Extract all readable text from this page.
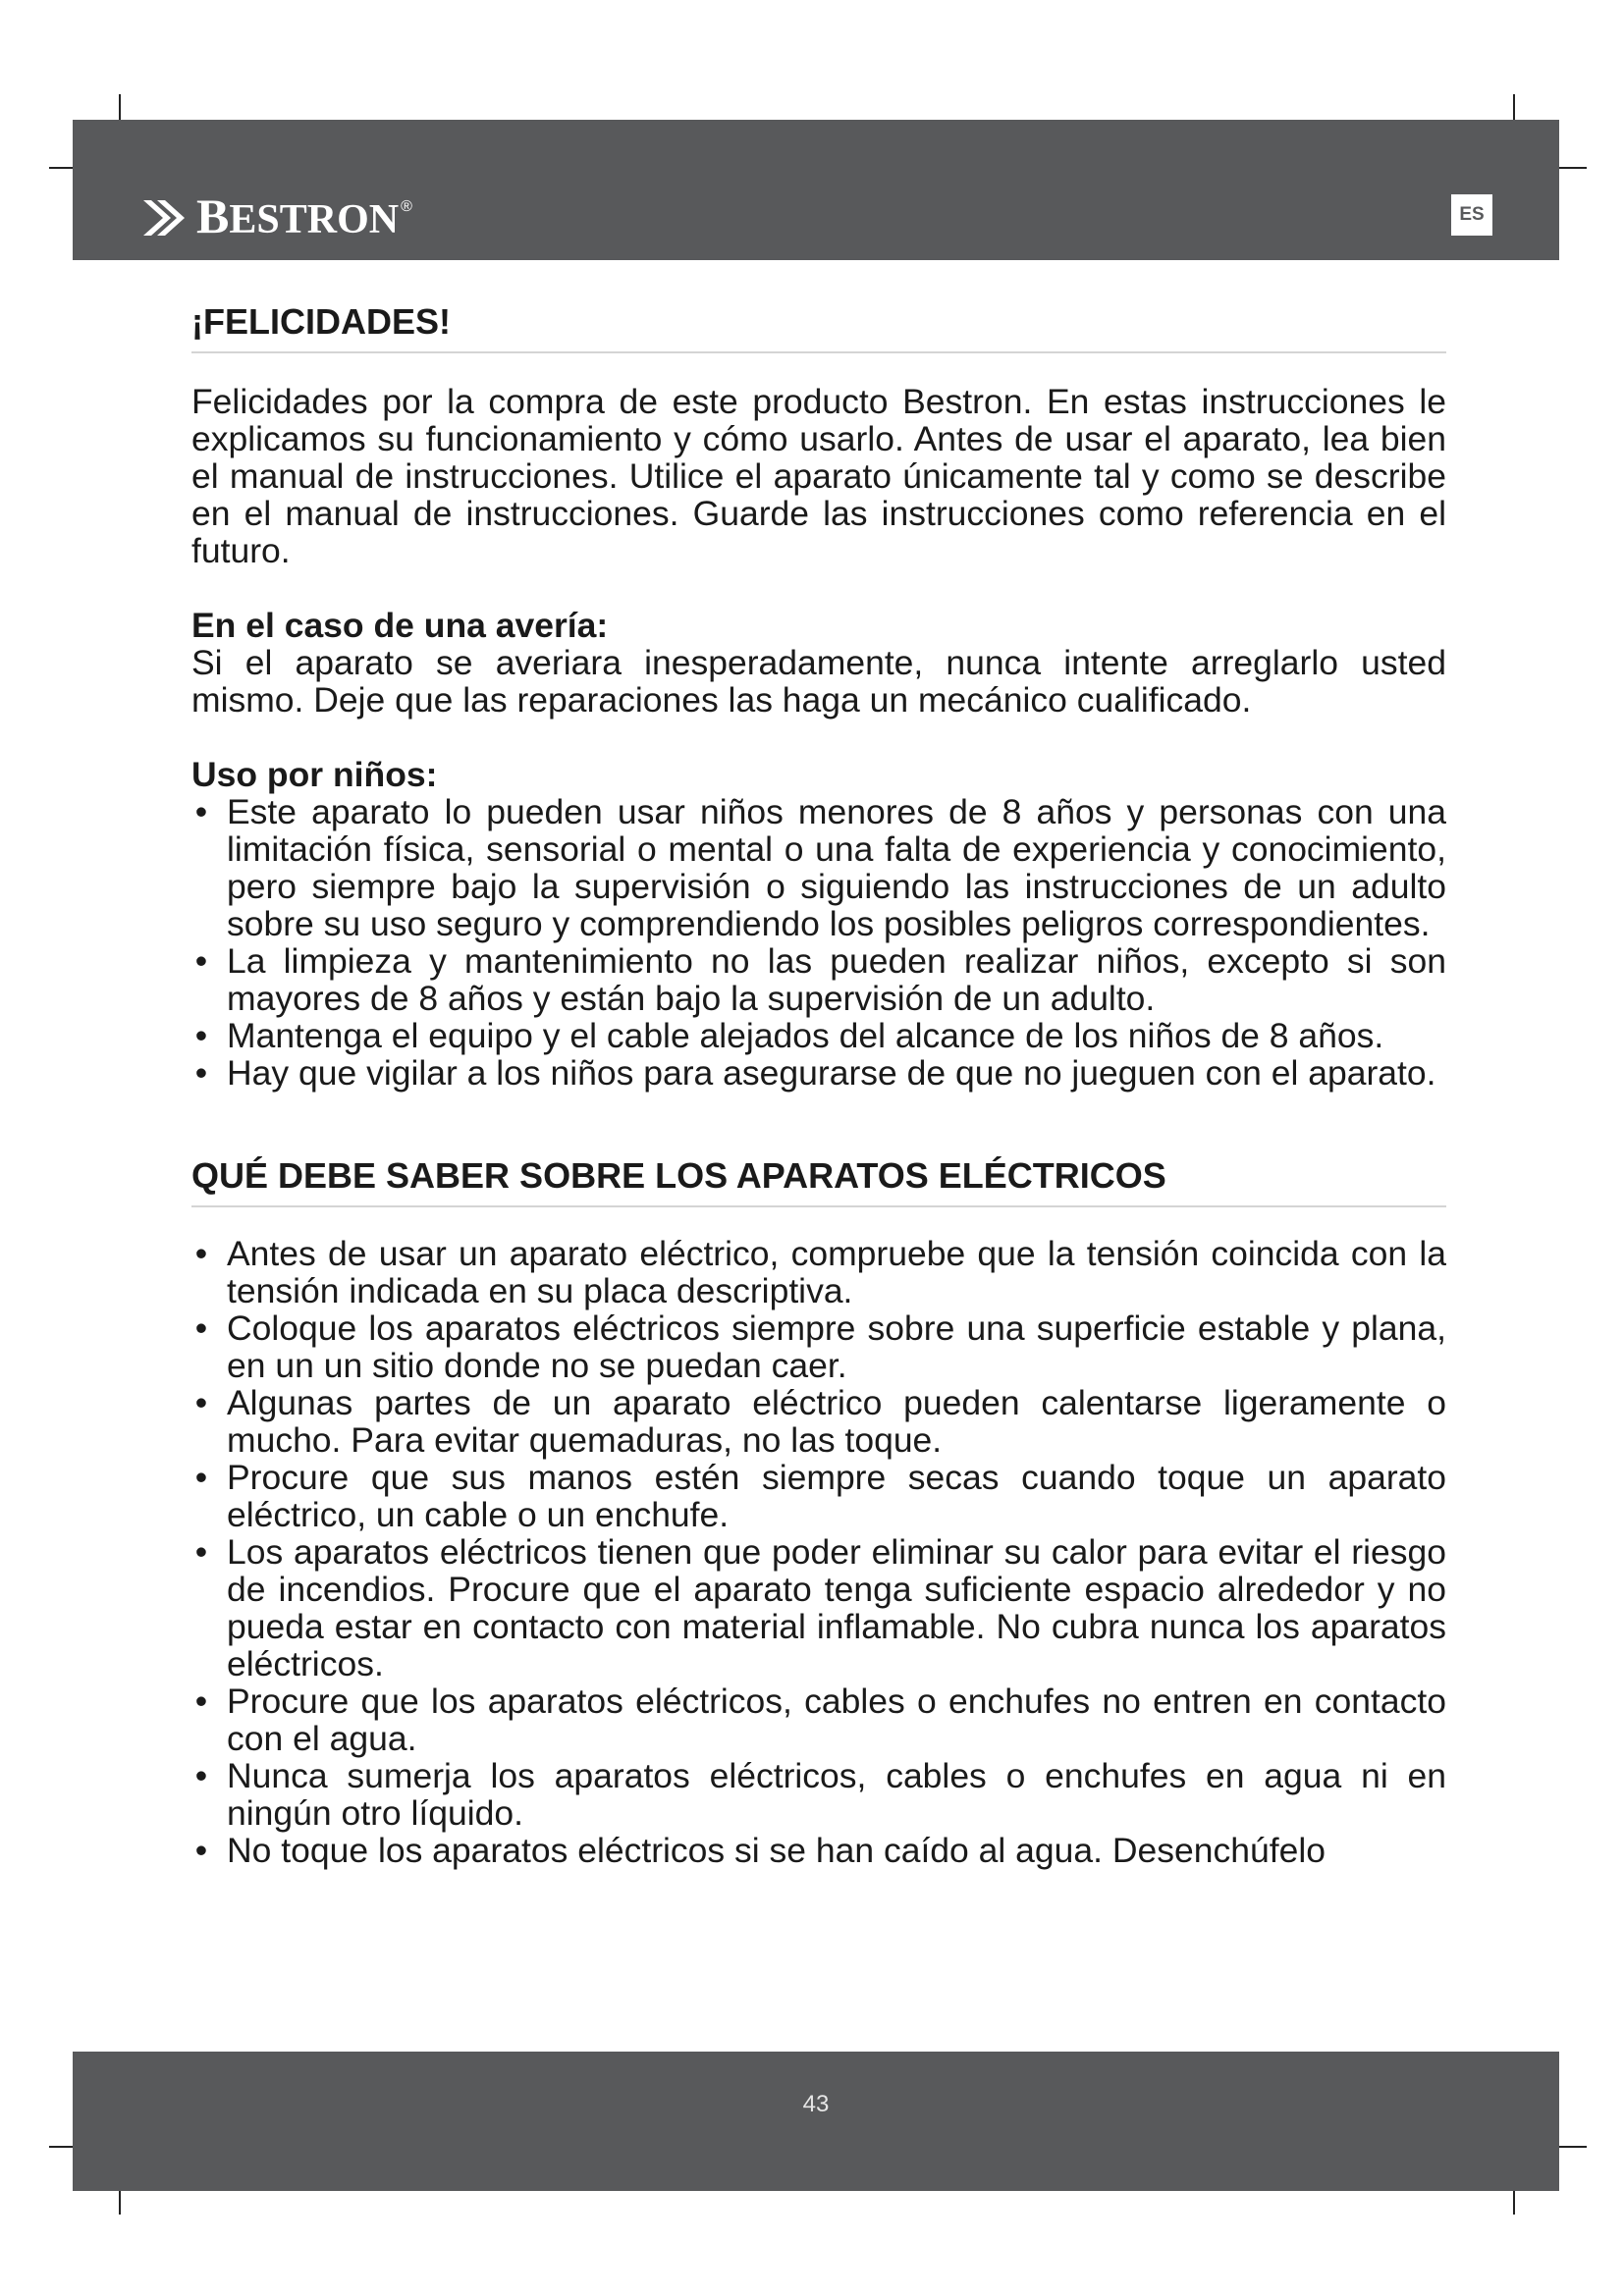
BESTRON ®	ES
¡FELICIDADES!

Felicidades por la compra de este producto Bestron. En estas instrucciones le explicamos su funcionamiento y cómo usarlo. Antes de usar el aparato, lea bien el manual de instrucciones. Utilice el aparato únicamente tal y como se describe en el manual de instrucciones. Guarde las instrucciones como referencia en el futuro.

En el caso de una avería:

Si el aparato se averiara inesperadamente, nunca intente arreglarlo usted mismo. Deje que las reparaciones las haga un mecánico cualificado.

Uso por niños:

• Este aparato lo pueden usar niños menores de 8 años y personas con una limitación física, sensorial o mental o una falta de experiencia y conocimiento, pero siempre bajo la supervisión o siguiendo las instrucciones de un adulto sobre su uso seguro y comprendiendo los posibles peligros correspondientes.
• La limpieza y mantenimiento no las pueden realizar niños, excepto si son mayores de 8 años y están bajo la supervisión de un adulto.
• Mantenga el equipo y el cable alejados del alcance de los niños de 8 años.
• Hay que vigilar a los niños para asegurarse de que no jueguen con el aparato.
QUÉ DEBE SABER SOBRE LOS APARATOS ELÉCTRICOS
• Antes de usar un aparato eléctrico, compruebe que la tensión coincida con la tensión indicada en su placa descriptiva.
• Coloque los aparatos eléctricos siempre sobre una superficie estable y plana, en un un sitio donde no se puedan caer.
• Algunas partes de un aparato eléctrico pueden calentarse ligeramente o mucho. Para evitar quemaduras, no las toque.
• Procure que sus manos estén siempre secas cuando toque un aparato eléctrico, un cable o un enchufe.
• Los aparatos eléctricos tienen que poder eliminar su calor para evitar el riesgo de incendios. Procure que el aparato tenga suficiente espacio alrededor y no pueda estar en contacto con material inflamable. No cubra nunca los aparatos eléctricos.
• Procure que los aparatos eléctricos, cables o enchufes no entren en contacto con el agua.
• Nunca sumerja los aparatos eléctricos, cables o enchufes en agua ni en ningún otro líquido.
• No toque los aparatos eléctricos si se han caído al agua. Desenchúfelo
43
